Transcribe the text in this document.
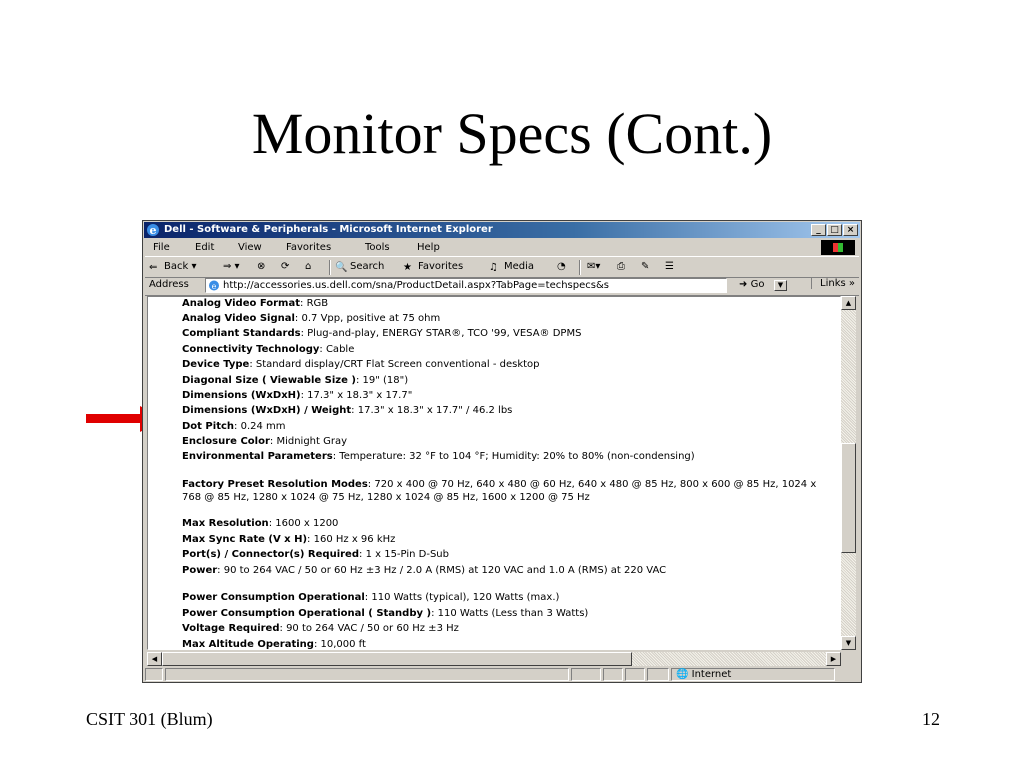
Monitor Specs (Cont.)
e Dell - Software & Peripherals - Microsoft Internet Explorer	_	□ ×
File	Edit View Favorites	Tools	Help
⇐ Back ▾	⇒ ▾ ⊗ ⟳ ⌂ 🔍 Search ★ Favorites	♫ Media ◔ ✉▾ ⎙ ✎ ☰
Address	e http://accessories.us.dell.com/sna/ProductDetail.aspx?TabPage=techspecs&s	▼
➜ Go	Links »
Analog Video Format: RGB
Analog Video Signal: 0.7 Vpp, positive at 75 ohm
Compliant Standards: Plug-and-play, ENERGY STAR®, TCO '99, VESA® DPMS
Connectivity Technology: Cable
Device Type: Standard display/CRT Flat Screen conventional - desktop
Diagonal Size ( Viewable Size ): 19" (18")
Dimensions (WxDxH): 17.3" x 18.3" x 17.7"
Dimensions (WxDxH) / Weight: 17.3" x 18.3" x 17.7" / 46.2 lbs
Dot Pitch: 0.24 mm
Enclosure Color: Midnight Gray
Environmental Parameters: Temperature: 32 °F to 104 °F; Humidity: 20% to 80% (non-condensing)
Factory Preset Resolution Modes: 720 x 400 @ 70 Hz, 640 x 480 @ 60 Hz, 640 x 480 @ 85 Hz, 800 x 600 @ 85 Hz, 1024 x 768 @ 85 Hz, 1280 x 1024 @ 75 Hz, 1280 x 1024 @ 85 Hz, 1600 x 1200 @ 75 Hz
Max Resolution: 1600 x 1200
Max Sync Rate (V x H): 160 Hz x 96 kHz
Port(s) / Connector(s) Required: 1 x 15-Pin D-Sub
Power: 90 to 264 VAC / 50 or 60 Hz ±3 Hz / 2.0 A (RMS) at 120 VAC and 1.0 A (RMS) at 220 VAC
Power Consumption Operational: 110 Watts (typical), 120 Watts (max.)
Power Consumption Operational ( Standby ): 110 Watts (Less than 3 Watts)
Voltage Required: 90 to 264 VAC / 50 or 60 Hz ±3 Hz
Max Altitude Operating: 10,000 ft
▲
▼
◀	▶
🌐 Internet
CSIT 301 (Blum)	12
